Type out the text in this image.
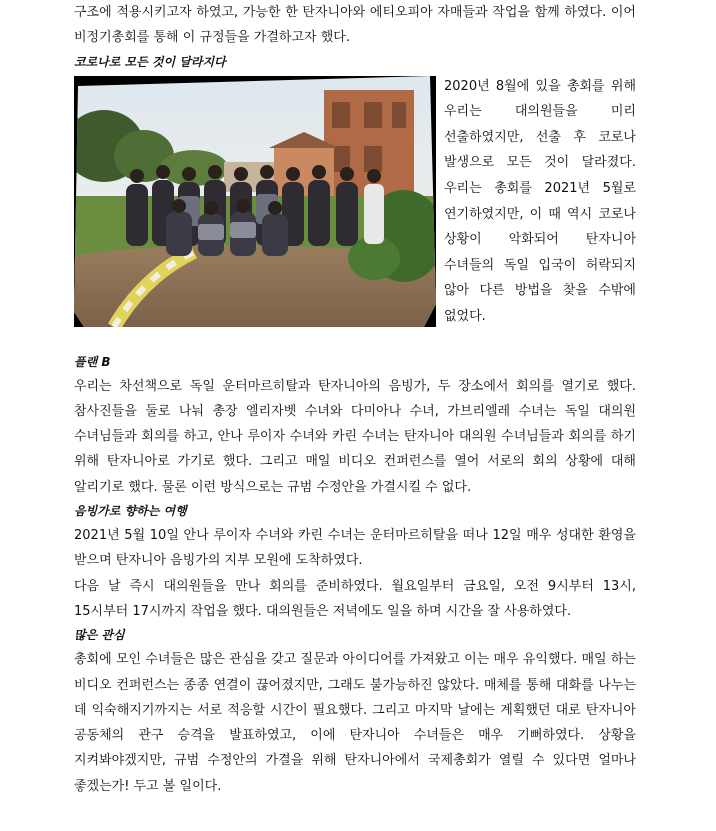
구조에 적용시키고자 하였고, 가능한 한 탄자니아와 에티오피아 자매들과 작업을 함께 하였다. 이어 비정기총회를 통해 이 규정들을 가결하고자 했다.

코로나로 모든 것이 달라지다

2020년 8월에 있을 총회를 위해 우리는 대의원들을 미리 선출하였지만, 선출 후 코로나 발생으로 모든 것이 달라졌다. 우리는 총회를 2021년 5월로 연기하였지만, 이 때 역시 코로나 상황이 악화되어 탄자니아 수녀들의 독일 입국이 허락되지 않아 다른 방법을 찾을 수밖에 없었다.

플랜 B

우리는 차선책으로 독일 운터마르히탈과 탄자니아의 음빙가, 두 장소에서 회의를 열기로 했다. 참사진들을 둘로 나눠 총장 엘리자벳 수녀와 다미아나 수녀, 가브리엘레 수녀는 독일 대의원 수녀님들과 회의를 하고, 안나 루이자 수녀와 카린 수녀는 탄자니아 대의원 수녀님들과 회의를 하기 위해 탄자니아로 가기로 했다. 그리고 매일 비디오 컨퍼런스를 열어 서로의 회의 상황에 대해 알리기로 했다. 물론 이런 방식으로는 규범 수정안을 가결시킬 수 없다.

음빙가로 향하는 여행

2021년 5월 10일 안나 루이자 수녀와 카린 수녀는 운터마르히탈을 떠나 12일 매우 성대한 환영을 받으며 탄자니아 음빙가의 지부 모원에 도착하였다.

다음 날 즉시 대의원들을 만나 회의를 준비하였다. 월요일부터 금요일, 오전 9시부터 13시, 15시부터 17시까지 작업을 했다. 대의원들은 저녁에도 일을 하며 시간을 잘 사용하였다.

많은 관심

총회에 모인 수녀들은 많은 관심을 갖고 질문과 아이디어를 가져왔고 이는 매우 유익했다. 매일 하는 비디오 컨퍼런스는 종종 연결이 끊어졌지만, 그래도 불가능하진 않았다. 매체를 통해 대화를 나누는 데 익숙해지기까지는 서로 적응할 시간이 필요했다. 그리고 마지막 날에는 계획했던 대로 탄자니아 공동체의 관구 승격을 발표하였고, 이에 탄자니아 수녀들은 매우 기뻐하였다. 상황을 지켜봐야겠지만, 규범 수정안의 가결을 위해 탄자니아에서 국제총회가 열릴 수 있다면 얼마나 좋겠는가! 두고 볼 일이다.
